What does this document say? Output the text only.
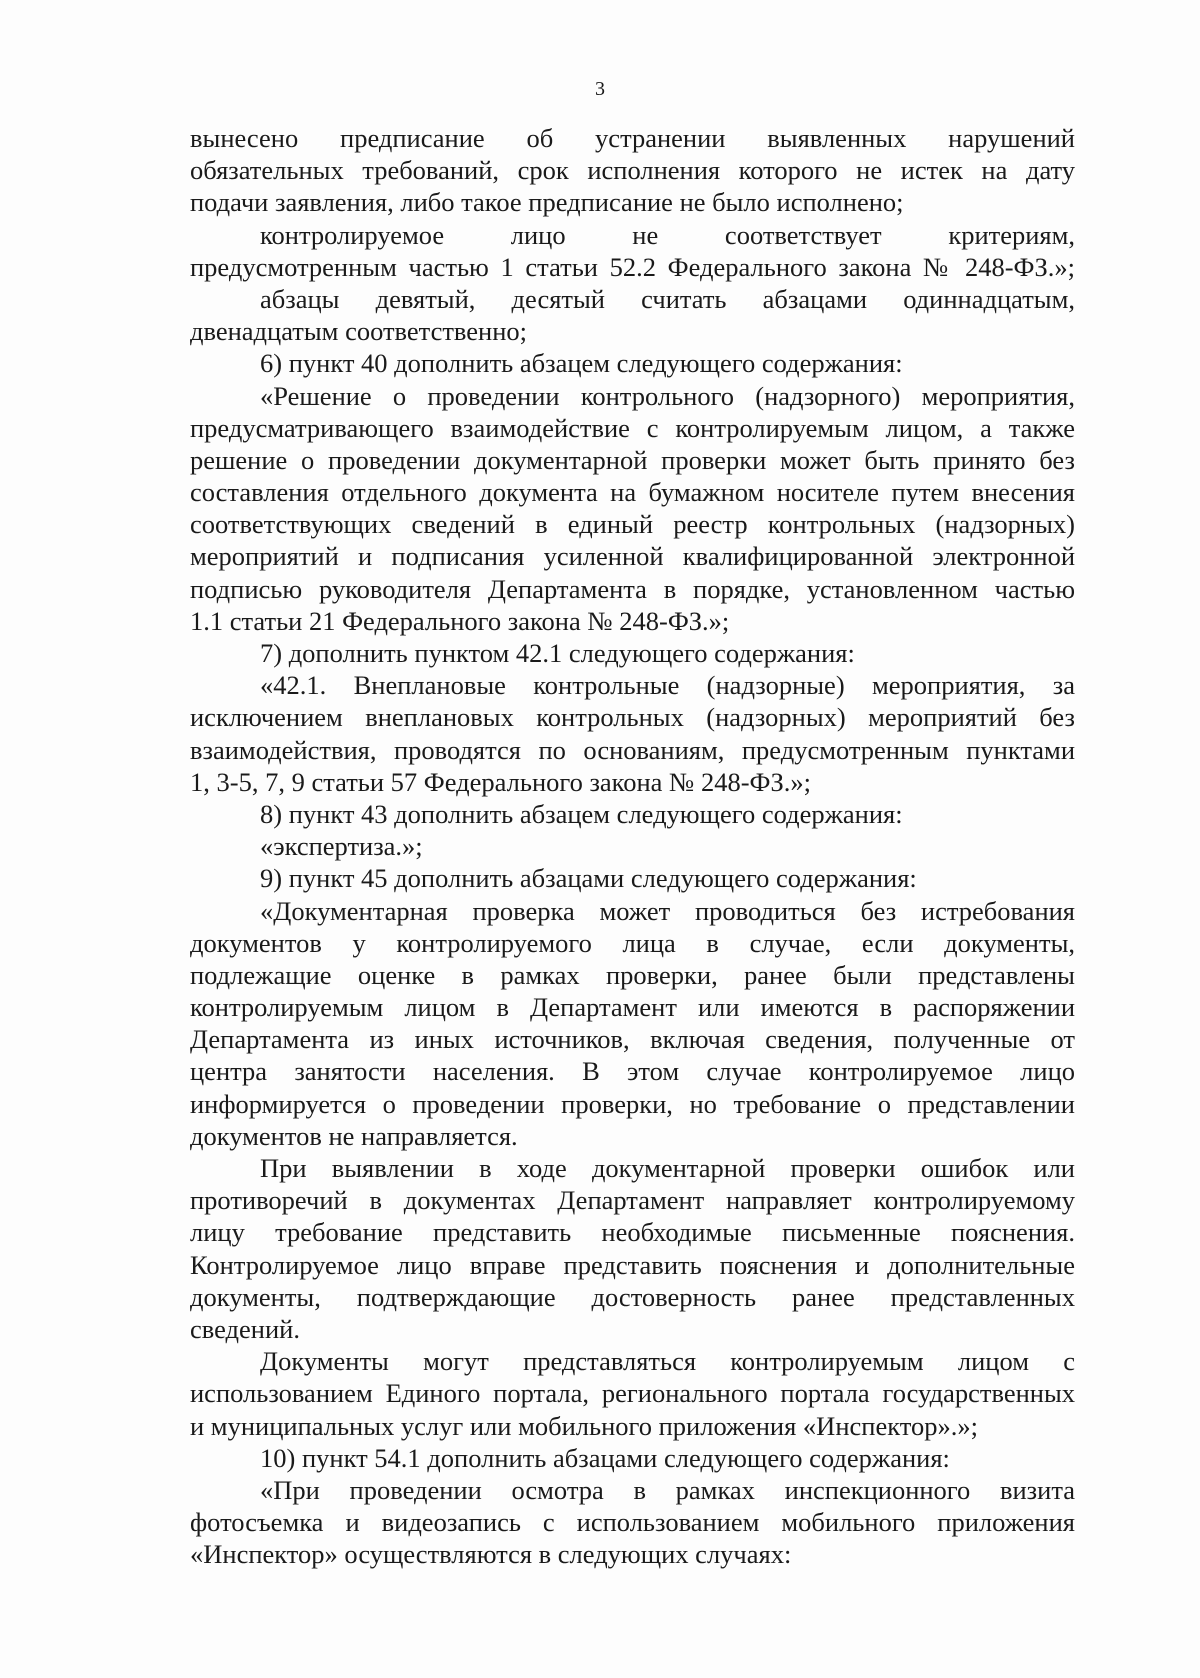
3
вынесено предписание об устранении выявленных нарушений
обязательных требований, срок исполнения которого не истек на дату
подачи заявления, либо такое предписание не было исполнено;
контролируемое лицо не соответствует критериям,
предусмотренным частью 1 статьи 52.2 Федерального закона № 248-ФЗ.»;
абзацы девятый, десятый считать абзацами одиннадцатым,
двенадцатым соответственно;
6) пункт 40 дополнить абзацем следующего содержания:
«Решение о проведении контрольного (надзорного) мероприятия,
предусматривающего взаимодействие с контролируемым лицом, а также
решение о проведении документарной проверки может быть принято без
составления отдельного документа на бумажном носителе путем внесения
соответствующих сведений в единый реестр контрольных (надзорных)
мероприятий и подписания усиленной квалифицированной электронной
подписью руководителя Департамента в порядке, установленном частью
1.1 статьи 21 Федерального закона № 248-ФЗ.»;
7) дополнить пунктом 42.1 следующего содержания:
«42.1. Внеплановые контрольные (надзорные) мероприятия, за
исключением внеплановых контрольных (надзорных) мероприятий без
взаимодействия, проводятся по основаниям, предусмотренным пунктами
1, 3-5, 7, 9 статьи 57 Федерального закона № 248-ФЗ.»;
8) пункт 43 дополнить абзацем следующего содержания:
«экспертиза.»;
9) пункт 45 дополнить абзацами следующего содержания:
«Документарная проверка может проводиться без истребования
документов у контролируемого лица в случае, если документы,
подлежащие оценке в рамках проверки, ранее были представлены
контролируемым лицом в Департамент или имеются в распоряжении
Департамента из иных источников, включая сведения, полученные от
центра занятости населения. В этом случае контролируемое лицо
информируется о проведении проверки, но требование о представлении
документов не направляется.
При выявлении в ходе документарной проверки ошибок или
противоречий в документах Департамент направляет контролируемому
лицу требование представить необходимые письменные пояснения.
Контролируемое лицо вправе представить пояснения и дополнительные
документы, подтверждающие достоверность ранее представленных
сведений.
Документы могут представляться контролируемым лицом с
использованием Единого портала, регионального портала государственных
и муниципальных услуг или мобильного приложения «Инспектор».»;
10) пункт 54.1 дополнить абзацами следующего содержания:
«При проведении осмотра в рамках инспекционного визита
фотосъемка и видеозапись с использованием мобильного приложения
«Инспектор» осуществляются в следующих случаях:
